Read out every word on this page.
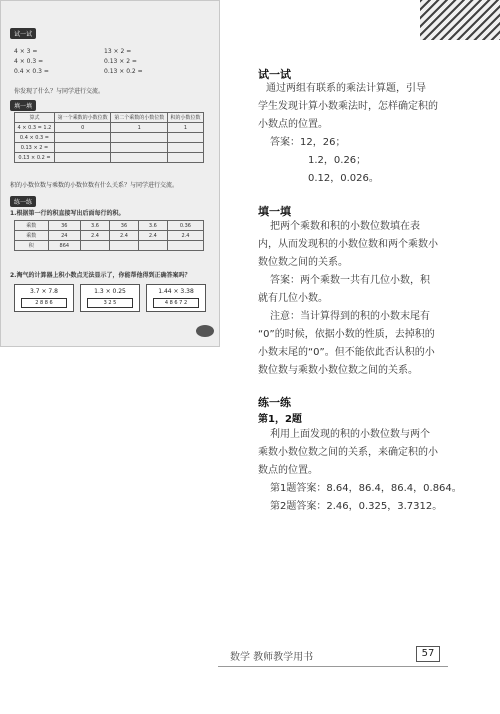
试一试
4 × 3 =
4 × 0.3 =
0.4 × 0.3 =
13 × 2 =
0.13 × 2 =
0.13 × 0.2 =
你发现了什么？与同学进行交流。
填一填
算式	第一个乘数的小数位数	第二个乘数的小数位数	积的小数位数
4 × 0.3 = 1.2	0	1	1
0.4 × 0.3 =			
0.13 × 2 =			
0.13 × 0.2 =			
积的小数位数与乘数的小数位数有什么关系？与同学进行交流。
练一练
1.根据第一行的积直接写出后面每行的积。
乘数	36	3.6	36	3.6	0.36
乘数	24	2.4	2.4	2.4	2.4
积	864				
2.淘气的计算器上积小数点无法显示了，你能帮他得到正确答案吗？
3.7 × 7.8
2 8 8 6
1.3 × 0.25
3 2 5
1.44 × 3.38
4 8 6 7 2
试一试
通过两组有联系的乘法计算题，引导
学生发现计算小数乘法时，怎样确定积的
小数点的位置。
答案：12，26；
1.2，0.26；
0.12，0.026。
填一填
把两个乘数和积的小数位数填在表
内，从而发现积的小数位数和两个乘数小
数位数之间的关系。
答案：两个乘数一共有几位小数，积
就有几位小数。
注意：当计算得到的积的小数末尾有
“0”的时候，依据小数的性质，去掉积的
小数末尾的“0”。但不能依此否认积的小
数位数与乘数小数位数之间的关系。
练一练
第1，2题
利用上面发现的积的小数位数与两个
乘数小数位数之间的关系，来确定积的小
数点的位置。
第1题答案：8.64，86.4，86.4，0.864。
第2题答案：2.46，0.325，3.7312。
数学 教师教学用书	57
